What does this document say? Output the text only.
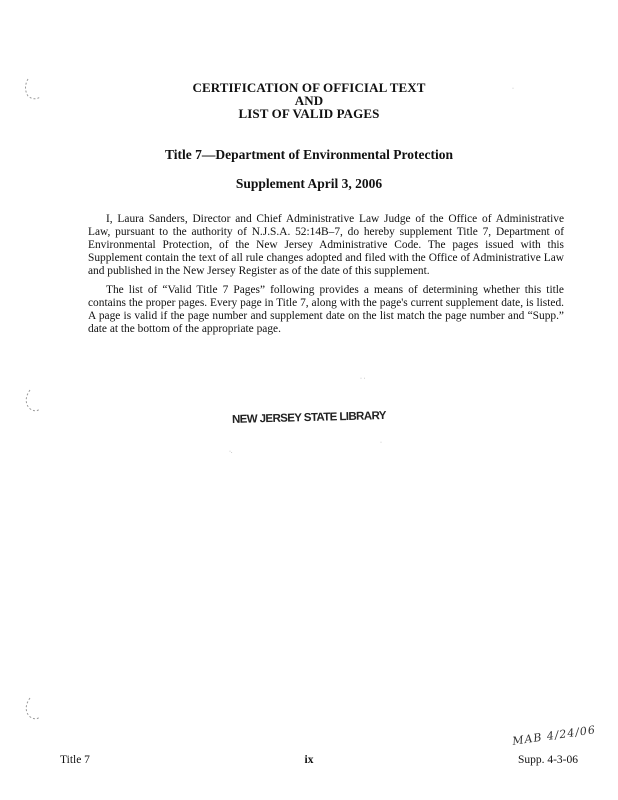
CERTIFICATION OF OFFICIAL TEXT
AND
LIST OF VALID PAGES
Title 7—Department of Environmental Protection
Supplement April 3, 2006
I, Laura Sanders, Director and Chief Administrative Law Judge of the Office of Administrative Law, pursuant to the authority of N.J.S.A. 52:14B–7, do hereby supplement Title 7, Department of Environmental Protection, of the New Jersey Administrative Code. The pages issued with this Supplement contain the text of all rule changes adopted and filed with the Office of Administrative Law and published in the New Jersey Register as of the date of this supplement.
The list of “Valid Title 7 Pages” following provides a means of determining whether this title contains the proper pages. Every page in Title 7, along with the page's current supplement date, is listed. A page is valid if the page number and supplement date on the list match the page number and “Supp.” date at the bottom of the appropriate page.
NEW JERSEY STATE LIBRARY
MAB 4/24/06
·
· ·
·
·.
Title 7	ix	Supp. 4-3-06
